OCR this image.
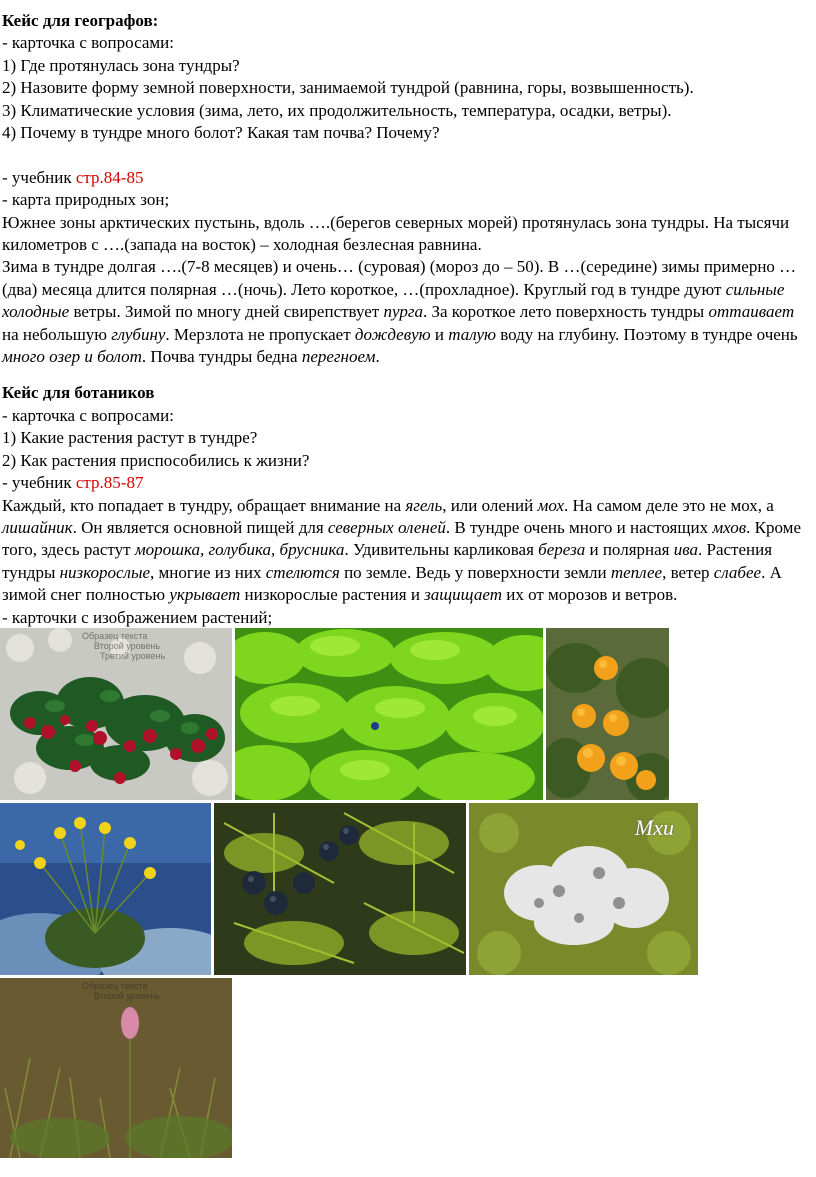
Кейс для географов:

- карточка с вопросами:

1) Где протянулась зона тундры?

2) Назовите форму земной поверхности, занимаемой тундрой (равнина, горы, возвышенность).

3) Климатические условия (зима, лето, их продолжительность, температура, осадки, ветры).

4) Почему в тундре много болот? Какая там почва? Почему?

- учебник стр.84-85

- карта природных зон;

Южнее зоны арктических пустынь, вдоль ….(берегов северных морей) протянулась зона тундры. На тысячи километров с ….(запада на восток) – холодная безлесная равнина.

Зима в тундре долгая ….(7-8 месяцев) и очень… (суровая) (мороз до – 50). В …(середине) зимы примерно …(два) месяца длится полярная …(ночь). Лето короткое, …(прохладное). Круглый год в тундре дуют сильные холодные ветры. Зимой по многу дней свирепствует пурга. За короткое лето поверхность тундры оттаивает на небольшую глубину. Мерзлота не пропускает дождевую и талую воду на глубину. Поэтому в тундре очень много озер и болот. Почва тундры бедна перегноем.

Кейс для ботаников

- карточка с вопросами:

1) Какие растения растут в тундре?

2) Как растения приспособились к жизни?

- учебник стр.85-87

Каждый, кто попадает в тундру, обращает внимание на ягель, или олений мох. На самом деле это не мох, а лишайник. Он является основной пищей для северных оленей. В тундре очень много и настоящих мхов. Кроме того, здесь растут морошка, голубика, брусника. Удивительны карликовая береза и полярная ива. Растения тундры низкорослые, многие из них стелются по земле. Ведь у поверхности земли теплее, ветер слабее. А зимой снег полностью укрывает низкорослые растения и защищает их от морозов и ветров.

- карточки с изображением растений;

Образец текста
Второй уровень
Третий уровень
Мхи
Образец текста
Второй уровень
